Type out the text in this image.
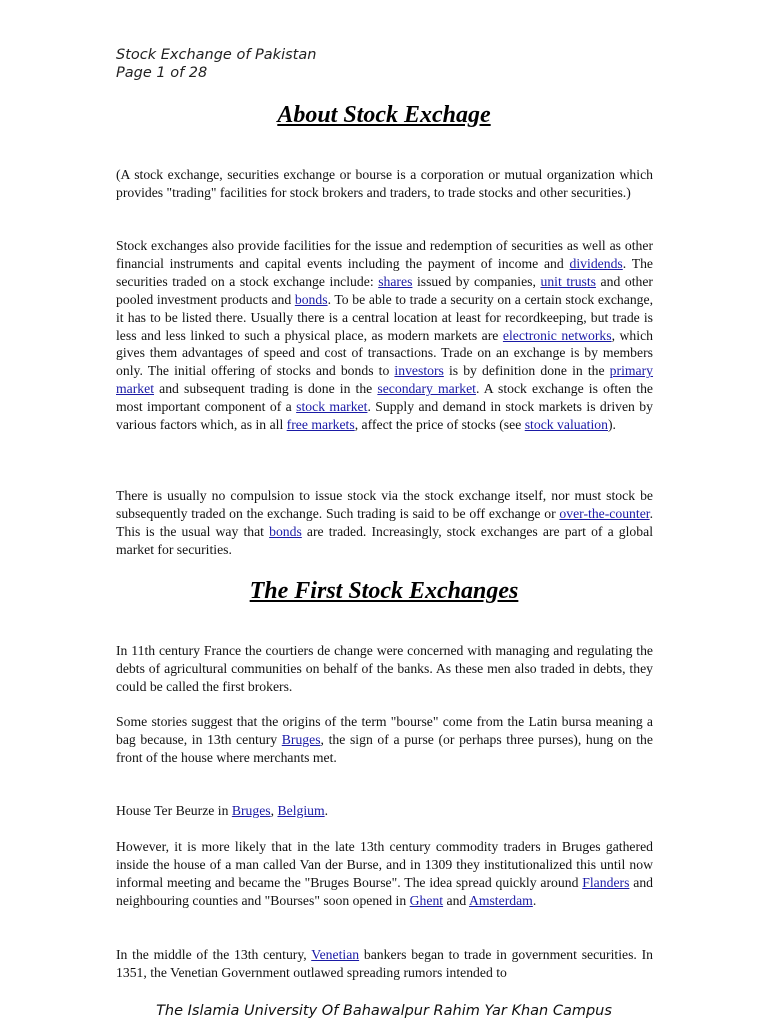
Stock Exchange of Pakistan
Page 1 of 28
About Stock Exchage

(A stock exchange, securities exchange or bourse is a corporation or mutual organization which provides "trading" facilities for stock brokers and traders, to trade stocks and other securities.)

Stock exchanges also provide facilities for the issue and redemption of securities as well as other financial instruments and capital events including the payment of income and dividends. The securities traded on a stock exchange include: shares issued by companies, unit trusts and other pooled investment products and bonds. To be able to trade a security on a certain stock exchange, it has to be listed there. Usually there is a central location at least for recordkeeping, but trade is less and less linked to such a physical place, as modern markets are electronic networks, which gives them advantages of speed and cost of transactions. Trade on an exchange is by members only. The initial offering of stocks and bonds to investors is by definition done in the primary market and subsequent trading is done in the secondary market. A stock exchange is often the most important component of a stock market. Supply and demand in stock markets is driven by various factors which, as in all free markets, affect the price of stocks (see stock valuation).

There is usually no compulsion to issue stock via the stock exchange itself, nor must stock be subsequently traded on the exchange. Such trading is said to be off exchange or over-the-counter. This is the usual way that bonds are traded. Increasingly, stock exchanges are part of a global market for securities.

The First Stock Exchanges

In 11th century France the courtiers de change were concerned with managing and regulating the debts of agricultural communities on behalf of the banks. As these men also traded in debts, they could be called the first brokers.

Some stories suggest that the origins of the term "bourse" come from the Latin bursa meaning a bag because, in 13th century Bruges, the sign of a purse (or perhaps three purses), hung on the front of the house where merchants met.

House Ter Beurze in Bruges, Belgium.

However, it is more likely that in the late 13th century commodity traders in Bruges gathered inside the house of a man called Van der Burse, and in 1309 they institutionalized this until now informal meeting and became the "Bruges Bourse". The idea spread quickly around Flanders and neighbouring counties and "Bourses" soon opened in Ghent and Amsterdam.

In the middle of the 13th century, Venetian bankers began to trade in government securities. In 1351, the Venetian Government outlawed spreading rumors intended to

The Islamia University Of Bahawalpur Rahim Yar Khan Campus
